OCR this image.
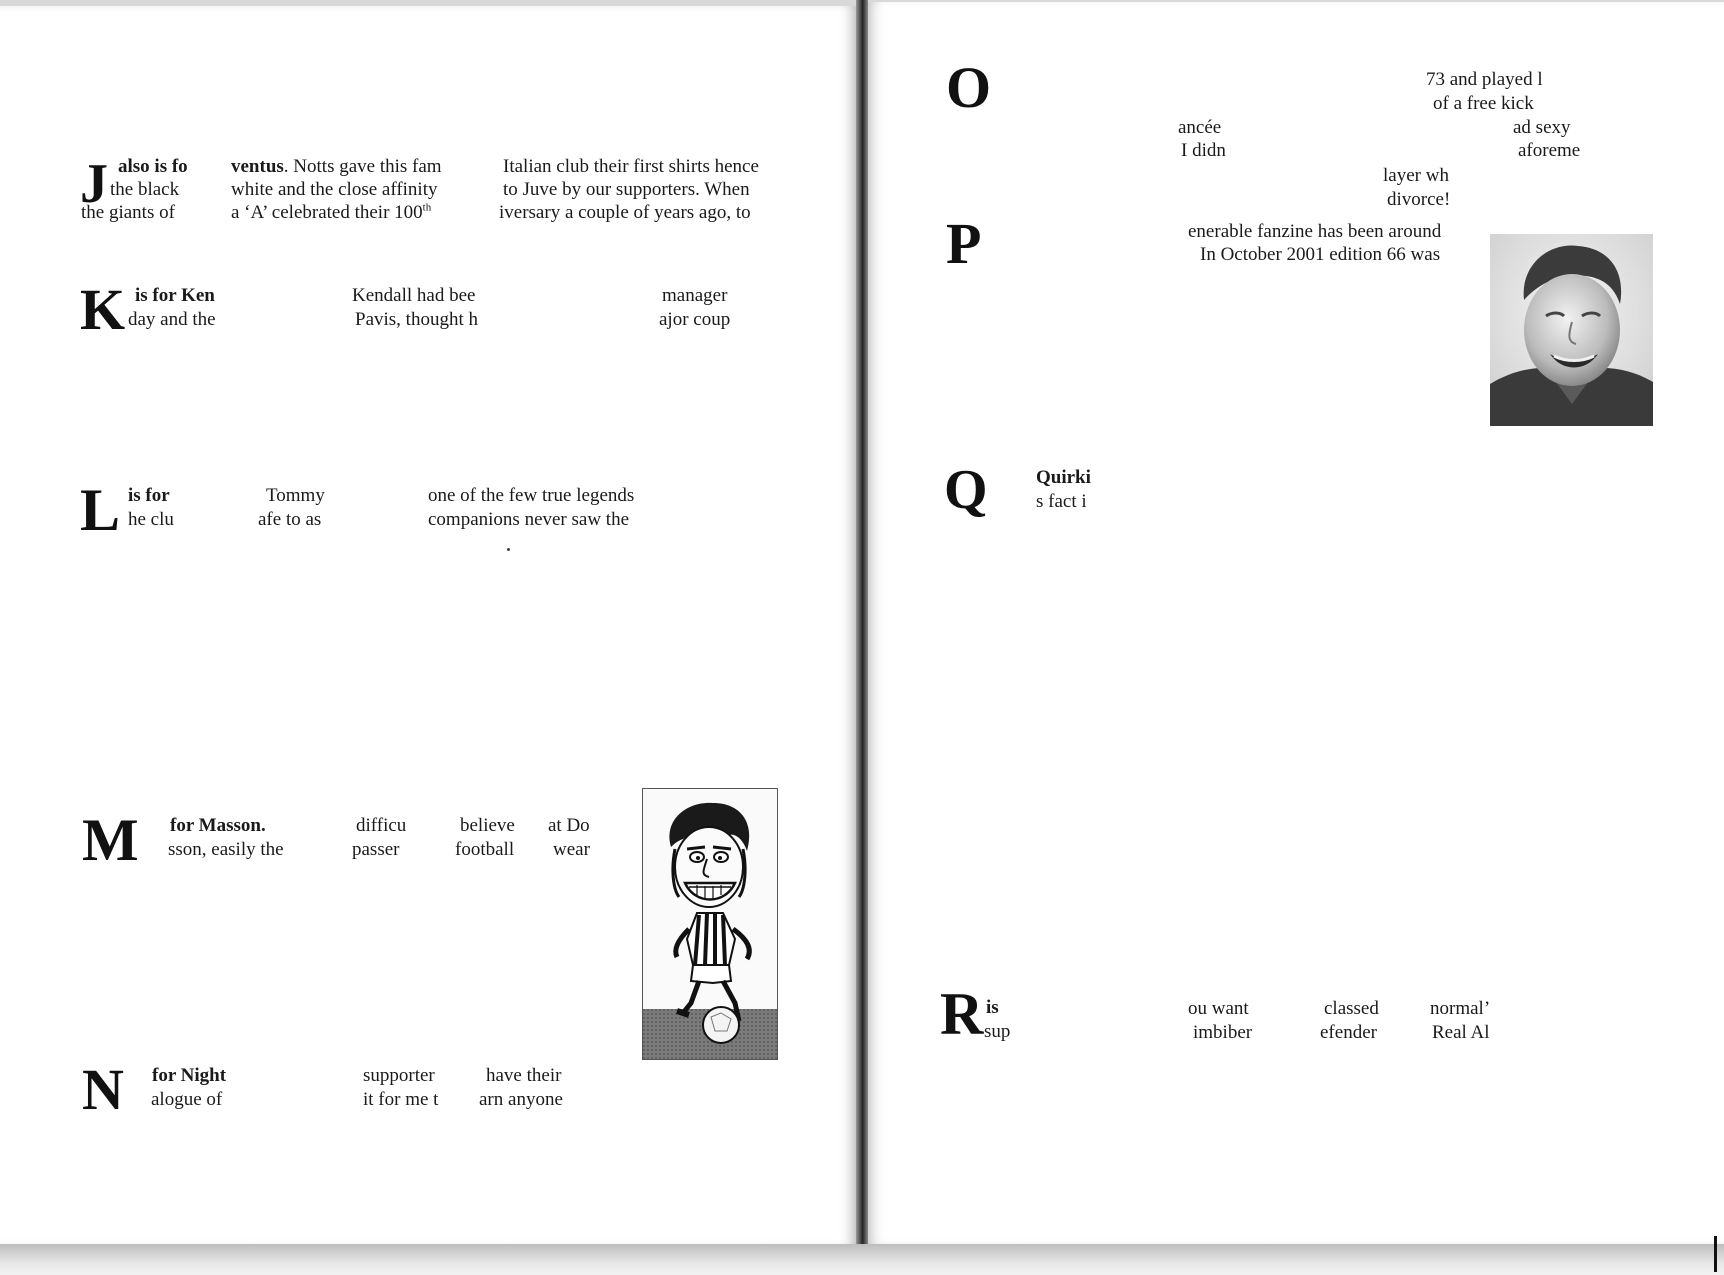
J also is fo
the black
the giants of
ventus. Notts gave this fam
white and the close affinity
a ‘A’ celebrated their 100th
Italian club their first shirts hence
to Juve by our supporters. When
iversary a couple of years ago, to
K is for Ken
day and the
Kendall had bee
Pavis, thought h
manager
ajor coup
L is for
he clu
Tommy
afe to as
one of the few true legends
companions never saw the
M for Masson.
sson, easily the
difficu
passer
believe
football
at Do
wear
N for Night
alogue of
supporter
it for me t
have their
arn anyone
O	73 and played l
of a free kick
ancée
I didn
ad sexy
aforeme
layer wh
divorce!
P	enerable fanzine has been around
In October 2001 edition 66 was
Q	Quirki
s fact i
R is
sup
ou want
imbiber
classed
efender
normal’
Real Al
